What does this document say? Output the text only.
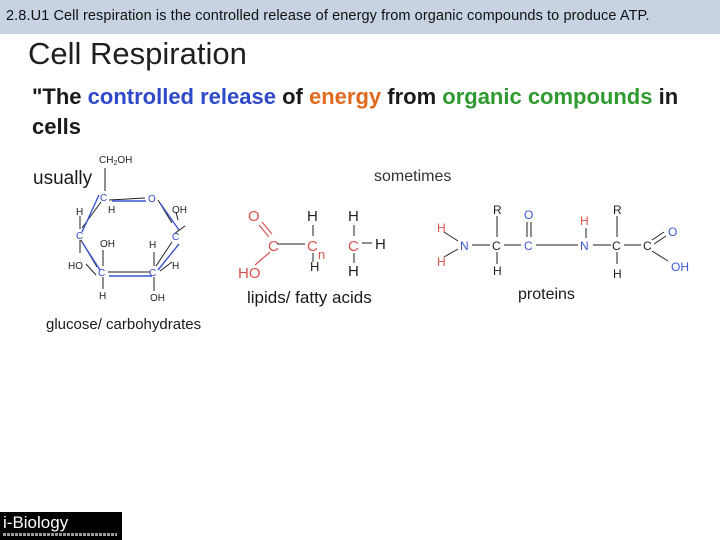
2.8.U1 Cell respiration is the controlled release of energy from organic compounds to produce ATP.
Cell Respiration
"The controlled release of energy from organic compounds in cells
usually	sometimes
lipids/ fatty acids	proteins
glucose/ carbohydrates
$CH_2OH$
C
H
O
H
C
OH
HO
C
H
OH
C
H
C
H
OH
O
C
HO
H
C n
H
H
C H
H
H
H
N
R
C
H
O
C
H
N
R
C
H
C
O
OH
i-Biology
